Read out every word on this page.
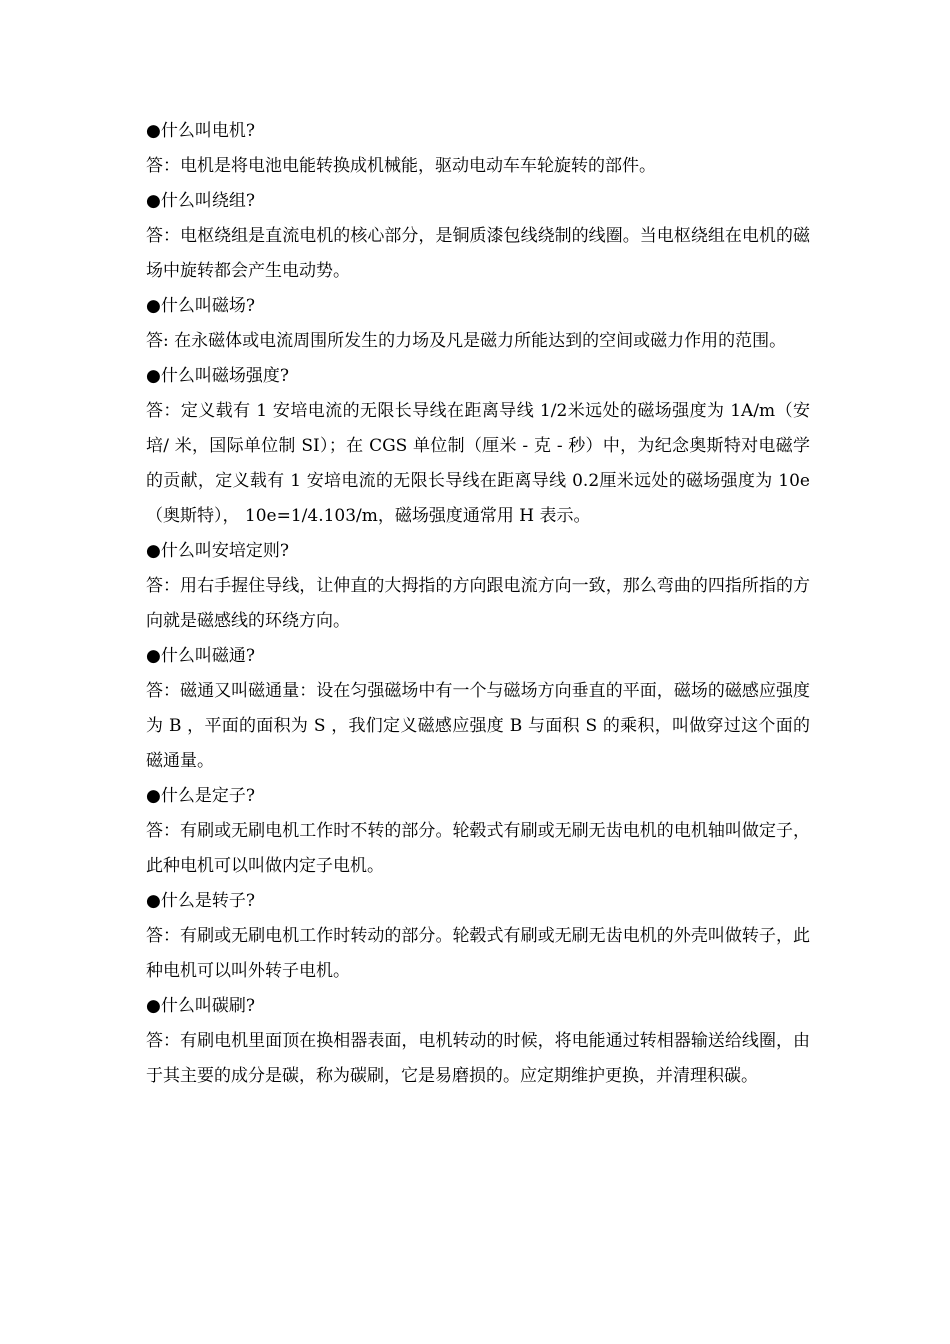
●什么叫电机?

答：电机是将电池电能转换成机械能，驱动电动车车轮旋转的部件。

●什么叫绕组?

答：电枢绕组是直流电机的核心部分，是铜质漆包线绕制的线圈。当电枢绕组在电机的磁场中旋转都会产生电动势。

●什么叫磁场?

答: 在永磁体或电流周围所发生的力场及凡是磁力所能达到的空间或磁力作用的范围。

●什么叫磁场强度?

答：定义载有 1 安培电流的无限长导线在距离导线 1/2米远处的磁场强度为 1A/m（安培/ 米，国际单位制 SI）；在 CGS 单位制（厘米 - 克 - 秒）中，为纪念奥斯特对电磁学的贡献，定义载有 1 安培电流的无限长导线在距离导线 0.2厘米远处的磁场强度为 10e （奥斯特）， 10e=1/4.103/m，磁场强度通常用 H 表示。

●什么叫安培定则?

答：用右手握住导线，让伸直的大拇指的方向跟电流方向一致，那么弯曲的四指所指的方向就是磁感线的环绕方向。

●什么叫磁通?

答：磁通又叫磁通量：设在匀强磁场中有一个与磁场方向垂直的平面，磁场的磁感应强度为 B ，平面的面积为 S ，我们定义磁感应强度 B 与面积 S 的乘积，叫做穿过这个面的磁通量。

●什么是定子?

答：有刷或无刷电机工作时不转的部分。轮毂式有刷或无刷无齿电机的电机轴叫做定子，此种电机可以叫做内定子电机。

●什么是转子?

答：有刷或无刷电机工作时转动的部分。轮毂式有刷或无刷无齿电机的外壳叫做转子，此种电机可以叫外转子电机。

●什么叫碳刷?

答：有刷电机里面顶在换相器表面，电机转动的时候，将电能通过转相器输送给线圈，由于其主要的成分是碳，称为碳刷，它是易磨损的。应定期维护更换，并清理积碳。
